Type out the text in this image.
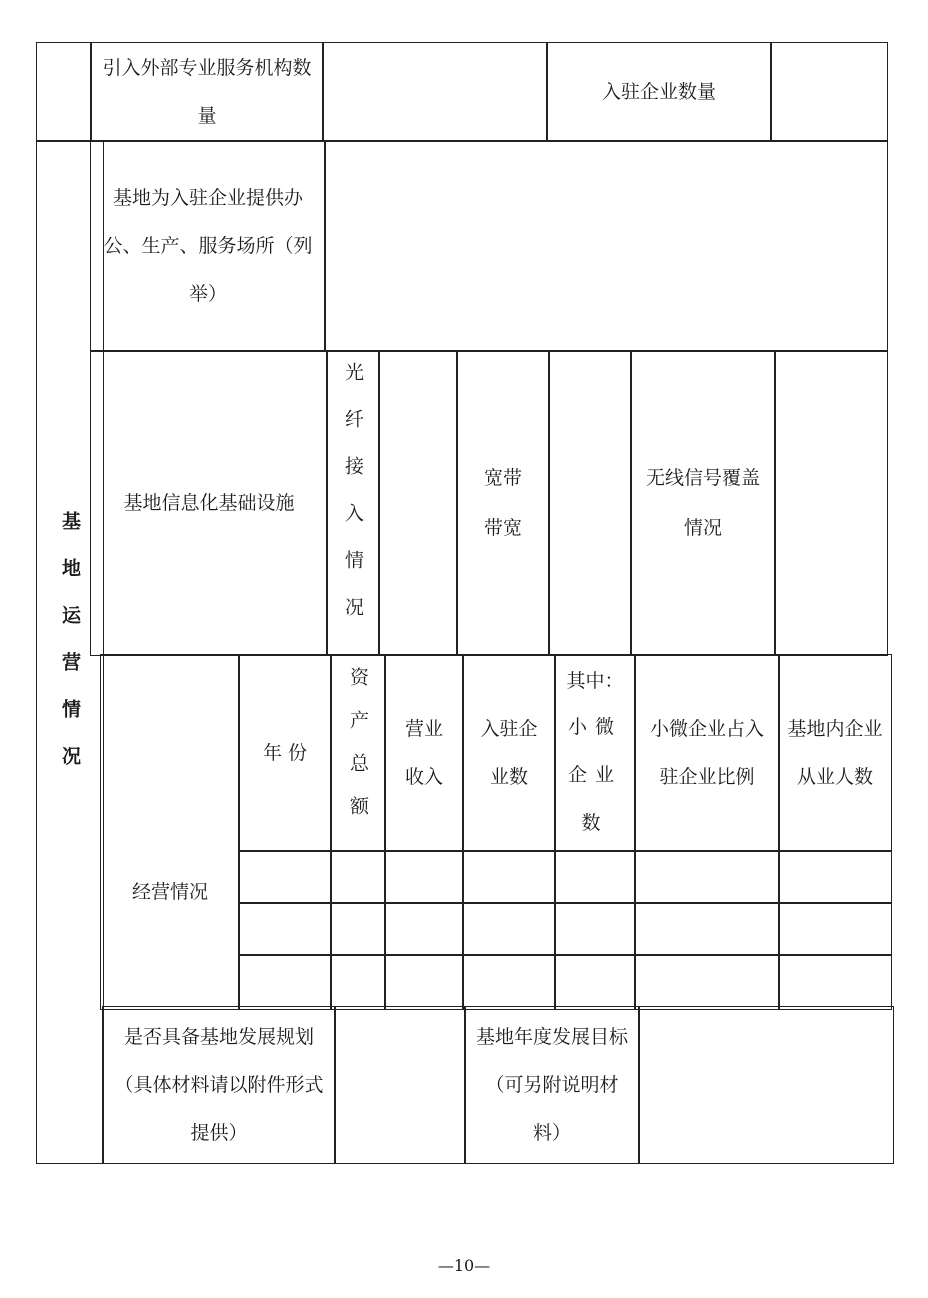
引入外部专业服务机构数量
入驻企业数量
基地运营情况
基地为入驻企业提供办公、生产、服务场所（列举）
基地信息化基础设施	光纤接入情况	宽带带宽
无线信号覆盖情况
经营情况
年 份 资产总额 营业收入
入驻企业数
其中：
小微企业数
小微企业占入驻企业比例
基地内企业从业人数
是否具备基地发展规划（具体材料请以附件形式提供）
基地年度发展目标（可另附说明材料）
—10—
